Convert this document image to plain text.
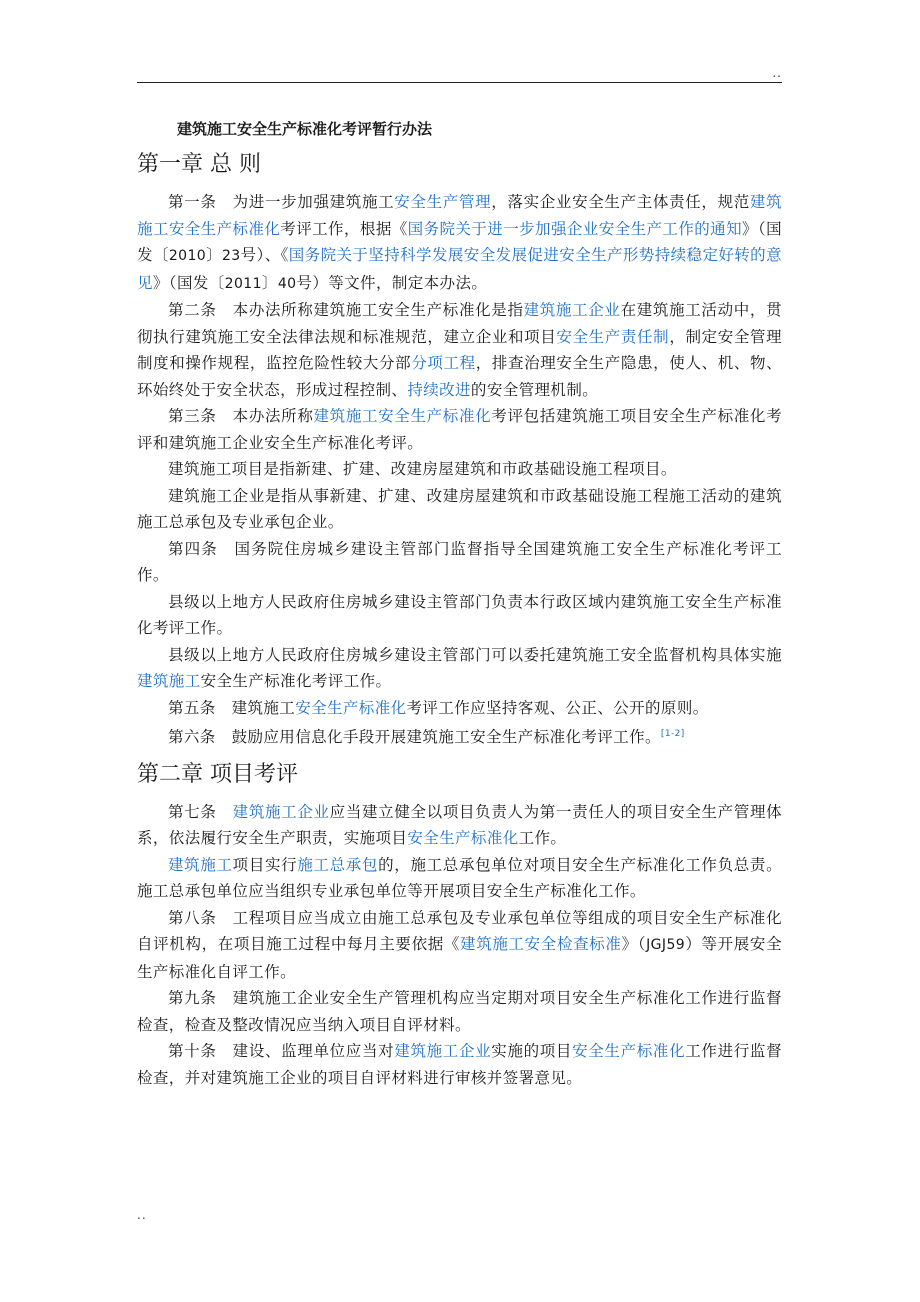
..
建筑施工安全生产标准化考评暂行办法
第一章 总 则

第一条　为进一步加强建筑施工安全生产管理，落实企业安全生产主体责任，规范建筑施工安全生产标准化考评工作，根据《国务院关于进一步加强企业安全生产工作的通知》（国发〔2010〕23号）、《国务院关于坚持科学发展安全发展促进安全生产形势持续稳定好转的意见》（国发〔2011〕40号）等文件，制定本办法。

第二条　本办法所称建筑施工安全生产标准化是指建筑施工企业在建筑施工活动中，贯彻执行建筑施工安全法律法规和标准规范，建立企业和项目安全生产责任制，制定安全管理制度和操作规程，监控危险性较大分部分项工程，排查治理安全生产隐患，使人、机、物、环始终处于安全状态，形成过程控制、持续改进的安全管理机制。

第三条　本办法所称建筑施工安全生产标准化考评包括建筑施工项目安全生产标准化考评和建筑施工企业安全生产标准化考评。

建筑施工项目是指新建、扩建、改建房屋建筑和市政基础设施工程项目。

建筑施工企业是指从事新建、扩建、改建房屋建筑和市政基础设施工程施工活动的建筑施工总承包及专业承包企业。

第四条　国务院住房城乡建设主管部门监督指导全国建筑施工安全生产标准化考评工作。

县级以上地方人民政府住房城乡建设主管部门负责本行政区域内建筑施工安全生产标准化考评工作。

县级以上地方人民政府住房城乡建设主管部门可以委托建筑施工安全监督机构具体实施建筑施工安全生产标准化考评工作。

第五条　建筑施工安全生产标准化考评工作应坚持客观、公正、公开的原则。

第六条　鼓励应用信息化手段开展建筑施工安全生产标准化考评工作。[1-2]

第二章 项目考评

第七条　建筑施工企业应当建立健全以项目负责人为第一责任人的项目安全生产管理体系，依法履行安全生产职责，实施项目安全生产标准化工作。

建筑施工项目实行施工总承包的，施工总承包单位对项目安全生产标准化工作负总责。施工总承包单位应当组织专业承包单位等开展项目安全生产标准化工作。

第八条　工程项目应当成立由施工总承包及专业承包单位等组成的项目安全生产标准化自评机构，在项目施工过程中每月主要依据《建筑施工安全检查标准》（JGJ59）等开展安全生产标准化自评工作。

第九条　建筑施工企业安全生产管理机构应当定期对项目安全生产标准化工作进行监督检查，检查及整改情况应当纳入项目自评材料。

第十条　建设、监理单位应当对建筑施工企业实施的项目安全生产标准化工作进行监督检查，并对建筑施工企业的项目自评材料进行审核并签署意见。

..
